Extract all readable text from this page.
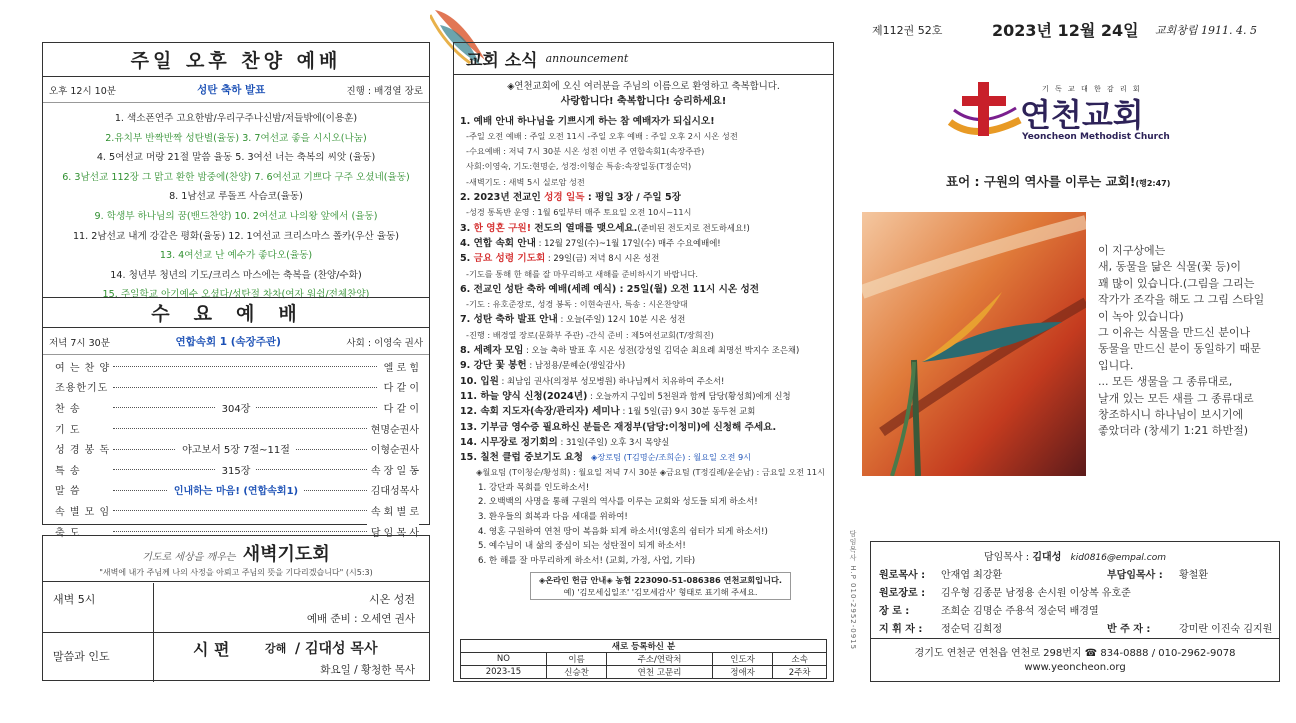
주일 오후 찬양 예배
오후 12시 10분	성탄 축하 발표	진행 : 배경열 장로
1. 색소폰연주 고요한밤/우리구주나신밤/저들밖에(이용훈)
2.유치부 반짝반짝 성탄별(율동) 3. 7여선교 좋을 시시오(나눔)
4. 5여선교 머랑 21절 말씀 율동 5. 3여선 너는 축복의 씨앗 (율동)
6. 3남선교 112장 그 맑고 환한 밤중에(찬양) 7. 6여선교 기쁘다 구주 오셨네(율동)
8. 1남선교 루돌프 사슴코(율동)
9. 학생부 하나님의 꿈(밴드찬양) 10. 2여선교 나의왕 앞에서 (율동)
11. 2남선교 내게 강같은 평화(율동) 12. 1여선교 크리스마스 폴카(우산 율동)
13. 4여선교 난 예수가 좋다오(율동)
14. 청년부 청년의 기도/크리스 마스에는 축복을 (찬양/수화)
15. 주일학교 아기예수 오셨다/성탄절 차차(여자 워쉽/전체찬양)
수요예배
저녁 7시 30분	연합속회 1 (속장주관)	사회 : 이영숙 권사
여 는 찬 양	엘 로 힘
조용한기도	다 같 이
찬 송	304장	다 같 이
기 도	현명순권사
성 경 봉 독	야고보서 5장 7절~11절	이형순권사
특 송	315장	속 장 일 동
말 씀	인내하는 마음! (연합속회1)	김대성목사
속 별 모 임	속 회 별 로
축 도	담 임 목 사
기도로 세상을 깨우는 새벽기도회
"새벽에 내가 주님께 나의 사정을 아뢰고 주님의 뜻을 기다리겠습니다" (시5:3)
새벽 5시	시온 성전
예배 준비 : 오세연 권사
말씀과 인도	시 편	강해 / 김대성 목사
화요일 / 황청한 목사
교회 소식 announcement
◈연천교회에 오신 여러분을 주님의 이름으로 환영하고 축복합니다.
사랑합니다! 축복합니다! 승리하세요!
1. 예배 안내 하나님을 기쁘시게 하는 참 예배자가 되십시오!
-주일 오전 예배 : 주일 오전 11시 -주일 오후 예배 : 주일 오후 2시 시온 성전
-수요예배 : 저녁 7시 30분 시온 성전 이번 주 연합속회1(속장주관)
사회:이영숙, 기도:현명순, 성경:이형순 특송:속장일동(T정순덕)
-새벽기도 : 새벽 5시 실로암 성전
2. 2023년 전교인 성경 일독 : 평일 3장 / 주일 5장
-성경 통독반 운영 : 1월 6일부터 매주 토요일 오전 10시~11시
3. 한 영혼 구원! 전도의 열매를 맺으세요.(준비된 전도지로 전도하세요!)
4. 연합 속회 안내 : 12월 27일(수)~1월 17일(수) 매주 수요예배에!
5. 금요 성령 기도회 : 29일(금) 저녁 8시 시온 성전
-기도를 통해 한 해를 잘 마무리하고 새해를 준비하시기 바랍니다.
6. 전교인 성탄 축하 예배(세례 예식) : 25일(월) 오전 11시 시온 성전
-기도 : 유호준장로, 성경 봉독 : 이현숙권사, 특송 : 시온찬양대
7. 성탄 축하 발표 안내 : 오늘(주일) 12시 10분 시온 성전
-진행 : 배경열 장로(문화부 주관) -간식 준비 : 제5여선교회(T/장희진)
8. 세례자 모임 : 오늘 축하 발표 후 시온 성전(강성일 김덕순 최요례 최명선 박지수 조은채)
9. 강단 꽃 봉헌 : 남정용/문혜순(생일감사)
10. 입원 : 최남임 권사(의정부 성모병원) 하나님께서 치유하여 주소서!
11. 하늘 양식 신청(2024년) : 오늘까지 구입비 5천원과 함께 담당(황성희)에게 신청
12. 속회 지도자(속장/관리자) 세미나 : 1월 5일(금) 9시 30분 동두천 교회
13. 기부금 영수증 필요하신 분들은 재정부(담당:이청미)에 신청해 주세요.
14. 시무장로 정기회의 : 31일(주일) 오후 3시 목양실
15. 칠천 클럽 중보기도 요청 ◈장로팀 (T김명순/조희순) : 월요일 오전 9시
◈월요팀 (T이청순/황성희) : 월요일 저녁 7시 30분 ◈금요팀 (T정길례/윤순남) : 금요일 오전 11시
1. 강단과 목회를 인도하소서!
2. 오백백의 사명을 통해 구원의 역사를 이루는 교회와 성도들 되게 하소서!
3. 환우들의 회복과 다음 세대를 위하여!
4. 영혼 구원하여 연천 땅이 복음화 되게 하소서!(영혼의 쉼터가 되게 하소서!)
5. 예수님이 내 삶의 중심이 되는 성탄절이 되게 하소서!
6. 한 해를 잘 마무리하게 하소서! (교회, 가정, 사업, 기타)
◈온라인 헌금 안내◈ 농협 223090-51-086386 연천교회입니다.
예) '김모세십일조' '김모세감사' 형태로 표기해 주세요.
새로 등록하신 분				
NO	이름	주소/연락처	인도자	소속
2023-15	신승찬	연천 고문리	정애자	2주차
제112권 52호	2023년 12월 24일 교회창립 1911. 4. 5
기 독 교 대 한 감 리 회
연천교회
Yeoncheon Methodist Church
표어 : 구원의 역사를 이루는 교회!(행2:47)
이 지구상에는
새, 동물을 닮은 식물(꽃 등)이
꽤 많이 있습니다.(그림을 그리는
작가가 조각을 해도 그 그림 스타일
이 녹아 있습니다)
그 이유는 식물을 만드신 분이나
동물을 만드신 분이 동일하기 때문
입니다.
... 모든 생물을 그 종류대로,
날개 있는 모든 새를 그 종류대로
창조하시니 하나님이 보시기에
좋았더라 (창세기 1:21 하반절)
담임목사 H.P 010-2952-0915	담임목사 : 김대성 kid0816@empal.com
원로목사 : 안재엽 최강환	부담임목사 : 황철환
원로장로 : 김우형 김종문 남정용 손시원 이상복 유호준
장 로 :	조희순 김명순 주용석 정순덕 배경열
지 휘 자 : 정순덕 김희정	반 주 자 :	강미란 이진숙 김지원
경기도 연천군 연천읍 연천로 298번지 ☎ 834-0888 / 010-2962-9078
www.yeoncheon.org
